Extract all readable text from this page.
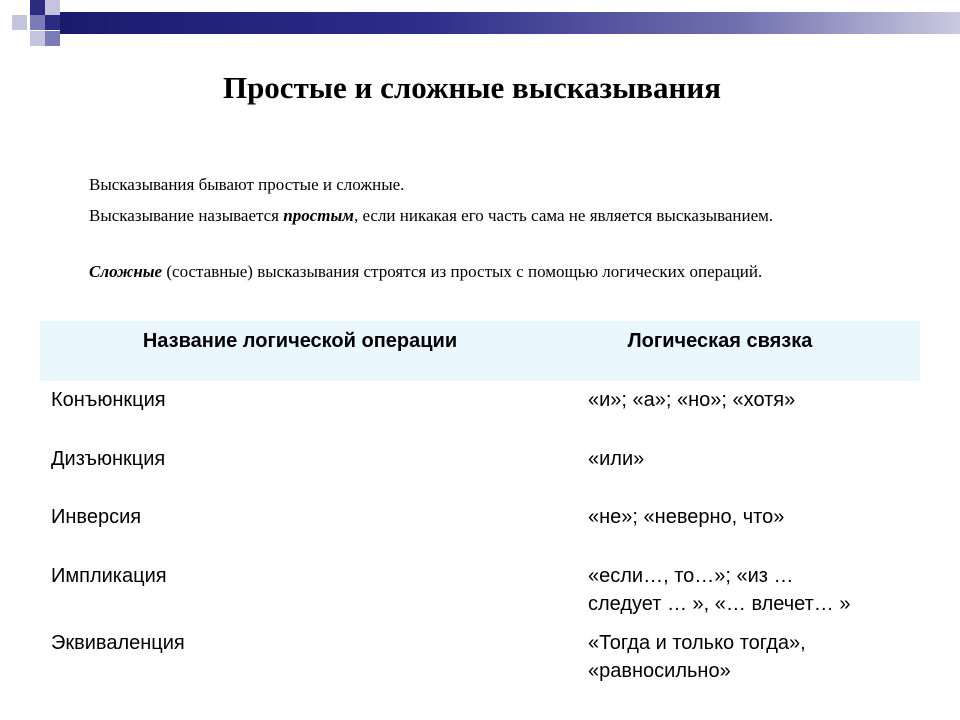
Простые и сложные высказывания
Высказывания бывают простые и сложные.
Высказывание называется простым, если никакая его часть сама не является высказыванием.
Сложные (составные) высказывания строятся из простых с помощью логических операций.
Название логической операции	Логическая связка
Конъюнкция	«и»; «а»; «но»; «хотя»
Дизъюнкция	«или»
Инверсия	«не»; «неверно, что»
Импликация	«если…, то…»; «из …
следует … », «… влечет… »
Эквиваленция	«Тогда и только тогда»,
«равносильно»
